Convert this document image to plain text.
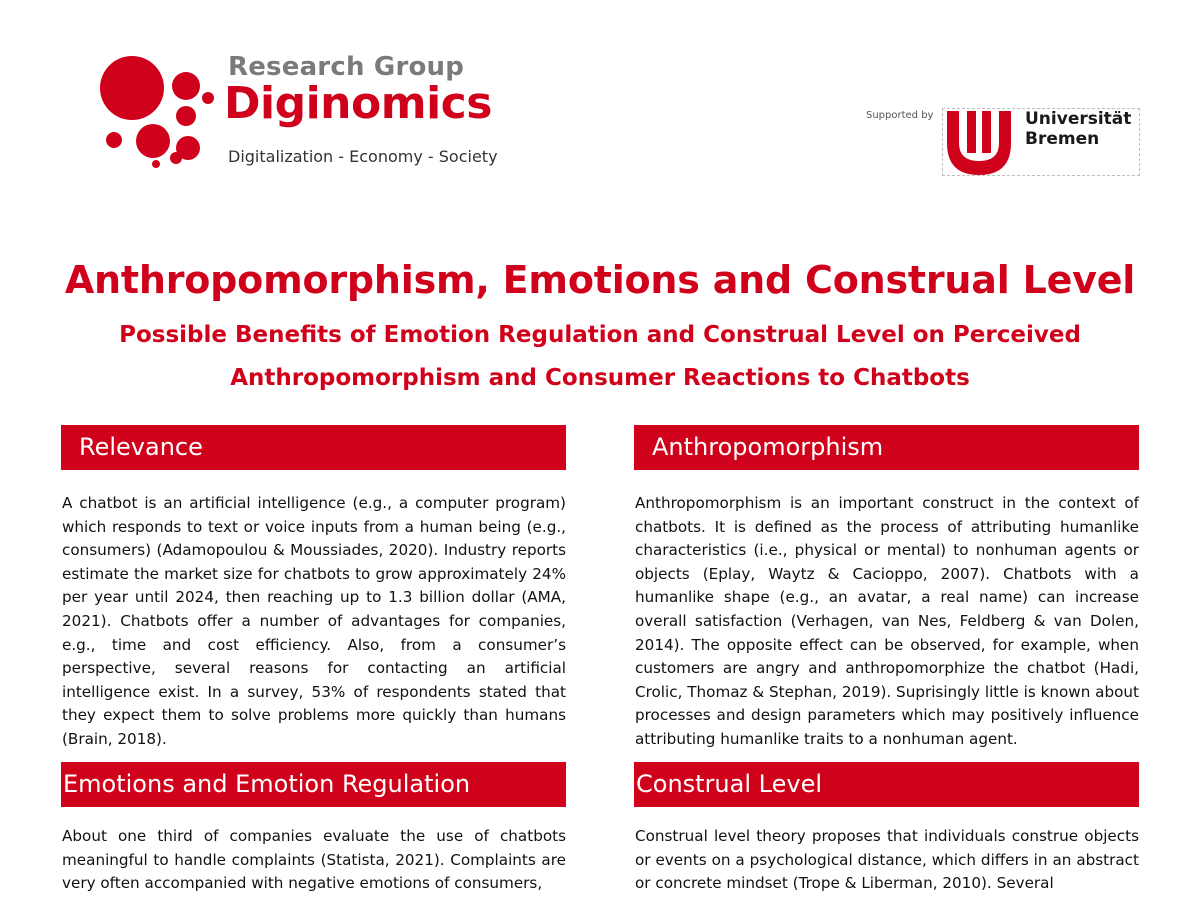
Research Group
Diginomics
Digitalization - Economy - Society
Supported by	Universität
Bremen
Anthropomorphism, Emotions and Construal Level
Possible Benefits of Emotion Regulation and Construal Level on Perceived Anthropomorphism and Consumer Reactions to Chatbots
Relevance
A chatbot is an artificial intelligence (e.g., a computer program) which responds to text or voice inputs from a human being (e.g., consumers) (Adamopoulou & Moussiades, 2020). Industry reports estimate the market size for chatbots to grow approximately 24% per year until 2024, then reaching up to 1.3 billion dollar (AMA, 2021). Chatbots offer a number of advantages for companies, e.g., time and cost efficiency. Also, from a consumer’s perspective, several reasons for contacting an artificial intelligence exist. In a survey, 53% of respondents stated that they expect them to solve problems more quickly than humans (Brain, 2018).
Emotions and Emotion Regulation
About one third of companies evaluate the use of chatbots meaningful to handle complaints (Statista, 2021). Complaints are very often accompanied with negative emotions of consumers,
Anthropomorphism
Anthropomorphism is an important construct in the context of chatbots. It is defined as the process of attributing humanlike characteristics (i.e., physical or mental) to nonhuman agents or objects (Eplay, Waytz & Cacioppo, 2007). Chatbots with a humanlike shape (e.g., an avatar, a real name) can increase overall satisfaction (Verhagen, van Nes, Feldberg & van Dolen, 2014). The opposite effect can be observed, for example, when customers are angry and anthropomorphize the chatbot (Hadi, Crolic, Thomaz & Stephan, 2019). Suprisingly little is known about processes and design parameters which may positively influence attributing humanlike traits to a nonhuman agent.
Construal Level
Construal level theory proposes that individuals construe objects or events on a psychological distance, which differs in an abstract or concrete mindset (Trope & Liberman, 2010). Several
